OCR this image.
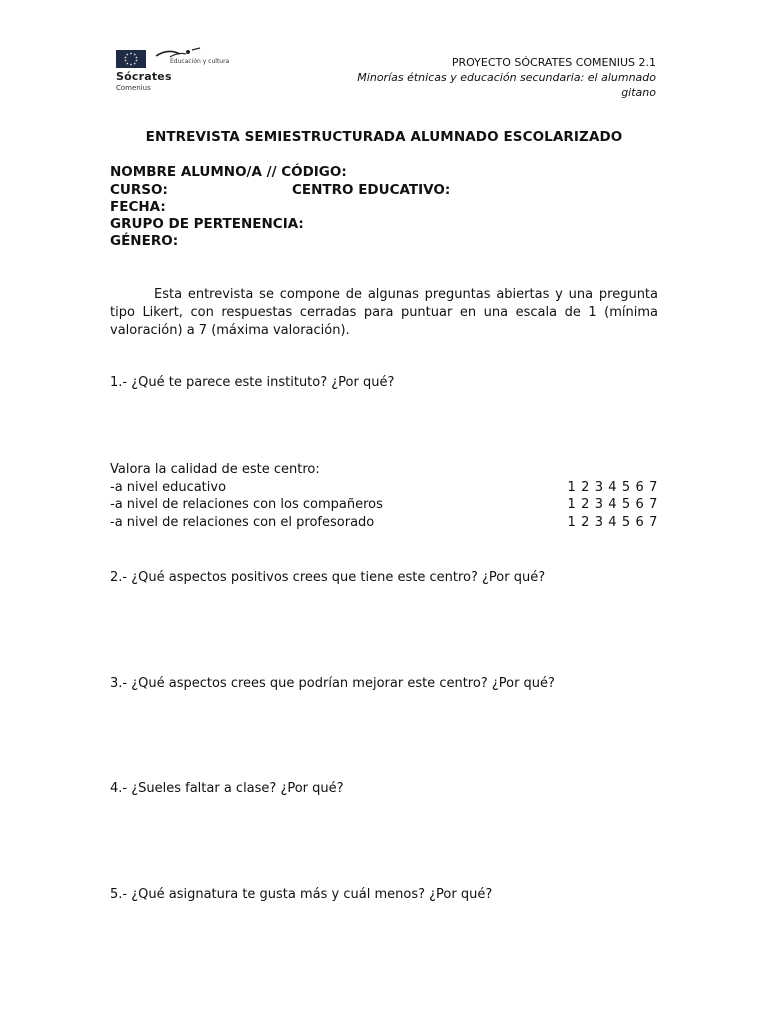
Educación y cultura
Sócrates
Comenius
PROYECTO SÓCRATES COMENIUS 2.1
Minorías étnicas y educación secundaria: el alumnado gitano
ENTREVISTA SEMIESTRUCTURADA ALUMNADO ESCOLARIZADO
NOMBRE ALUMNO/A // CÓDIGO:
CURSO:	CENTRO EDUCATIVO:
FECHA:
GRUPO DE PERTENENCIA:
GÉNERO:

Esta entrevista se compone de algunas preguntas abiertas y una pregunta tipo Likert, con respuestas cerradas para puntuar en una escala de 1 (mínima valoración) a 7 (máxima valoración).

1.- ¿Qué te parece este instituto? ¿Por qué?
Valora la calidad de este centro:
-a nivel educativo	1 2 3 4 5 6 7
-a nivel de relaciones con los compañeros	1 2 3 4 5 6 7
-a nivel de relaciones con el profesorado	1 2 3 4 5 6 7
2.- ¿Qué aspectos positivos crees que tiene este centro? ¿Por qué?
3.- ¿Qué aspectos crees que podrían mejorar este centro? ¿Por qué?
4.- ¿Sueles faltar a clase? ¿Por qué?
5.- ¿Qué asignatura te gusta más y cuál menos? ¿Por qué?
